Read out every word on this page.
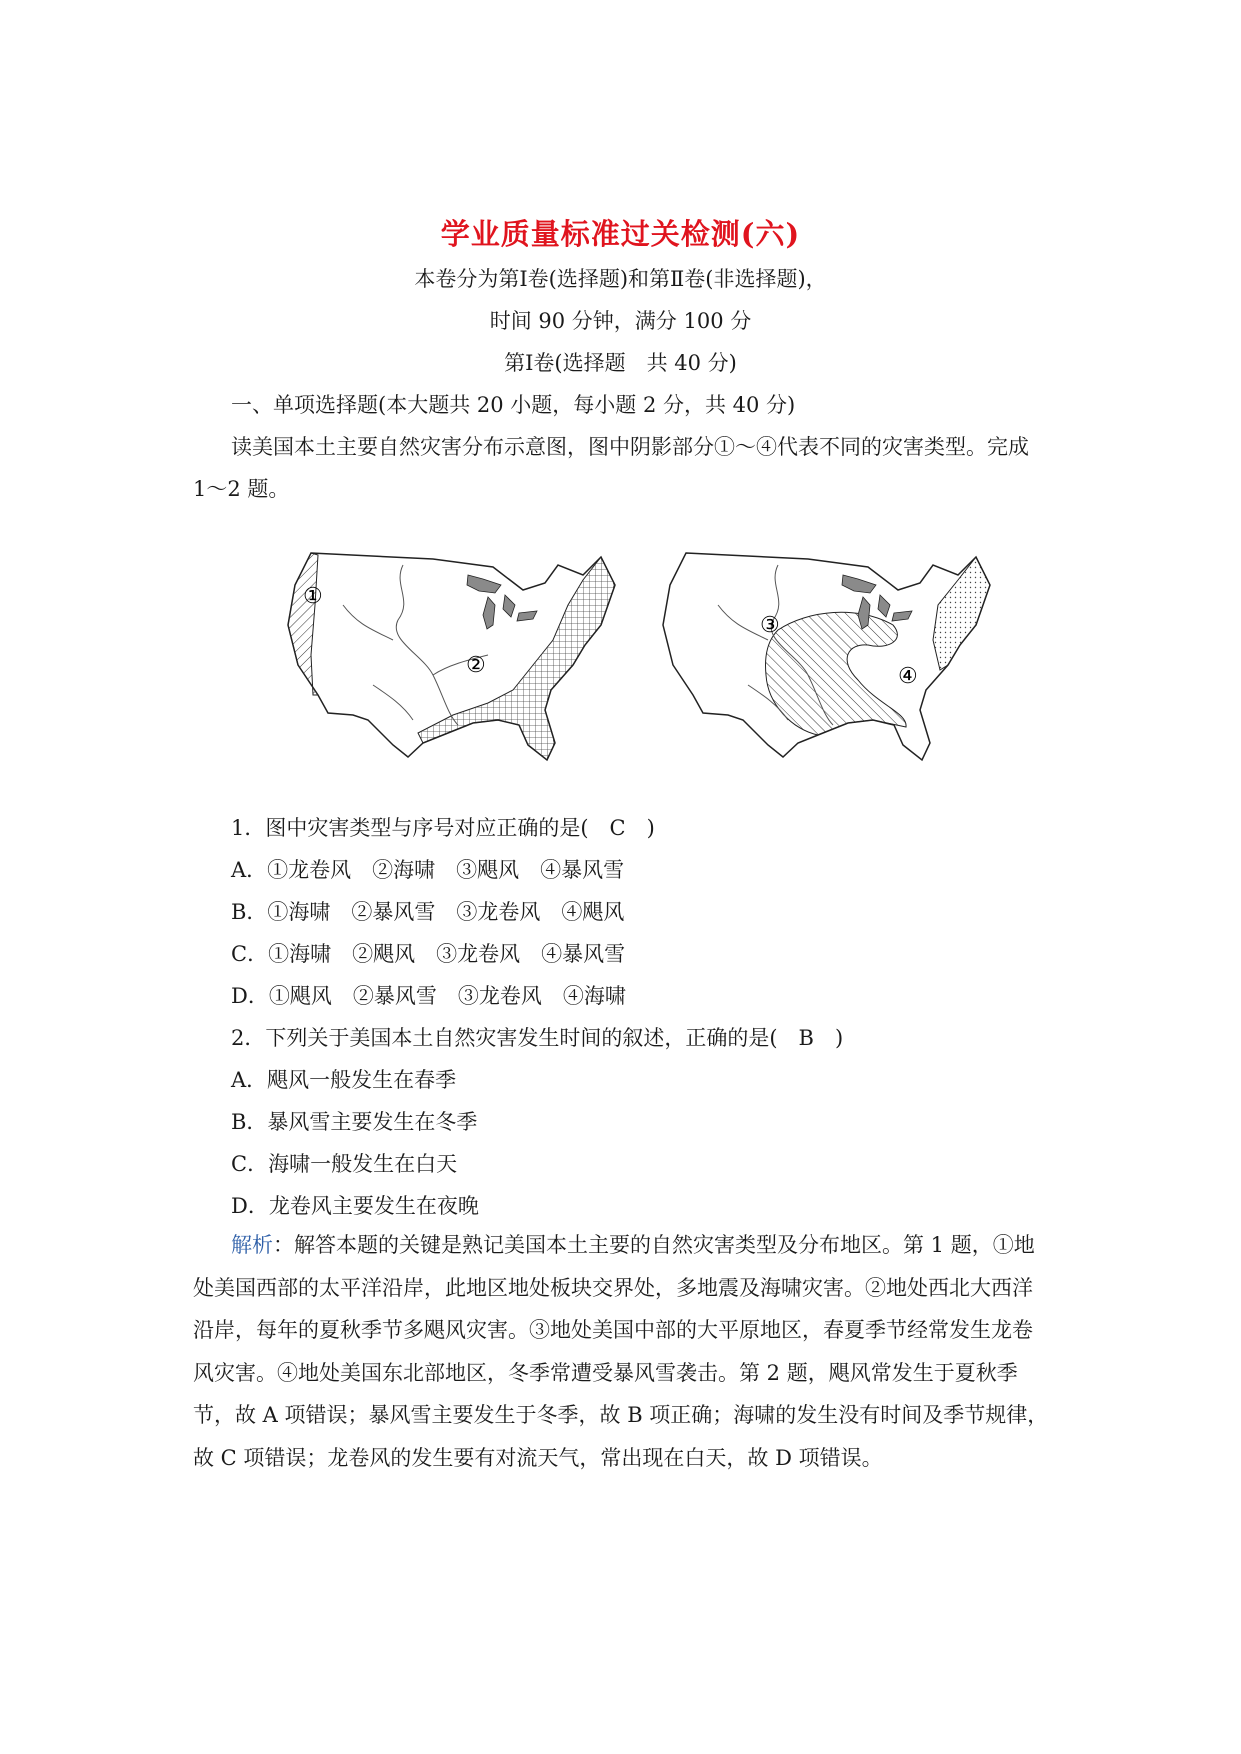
学业质量标准过关检测(六)
本卷分为第Ⅰ卷(选择题)和第Ⅱ卷(非选择题)，
时间 90 分钟，满分 100 分
第Ⅰ卷(选择题　共 40 分)
一、单项选择题(本大题共 20 小题，每小题 2 分，共 40 分)
读美国本土主要自然灾害分布示意图，图中阴影部分①～④代表不同的灾害类型。完成
1～2 题。
①
②
③
④
1．图中灾害类型与序号对应正确的是(　C　)
A．①龙卷风　②海啸　③飓风　④暴风雪
B．①海啸　②暴风雪　③龙卷风　④飓风
C．①海啸　②飓风　③龙卷风　④暴风雪
D．①飓风　②暴风雪　③龙卷风　④海啸
2．下列关于美国本土自然灾害发生时间的叙述，正确的是(　B　)
A．飓风一般发生在春季
B．暴风雪主要发生在冬季
C．海啸一般发生在白天
D．龙卷风主要发生在夜晚
解析：解答本题的关键是熟记美国本土主要的自然灾害类型及分布地区。第 1 题，①地处美国西部的太平洋沿岸，此地区地处板块交界处，多地震及海啸灾害。②地处西北大西洋沿岸，每年的夏秋季节多飓风灾害。③地处美国中部的大平原地区，春夏季节经常发生龙卷风灾害。④地处美国东北部地区，冬季常遭受暴风雪袭击。第 2 题，飓风常发生于夏秋季节，故 A 项错误；暴风雪主要发生于冬季，故 B 项正确；海啸的发生没有时间及季节规律，故 C 项错误；龙卷风的发生要有对流天气，常出现在白天，故 D 项错误。
